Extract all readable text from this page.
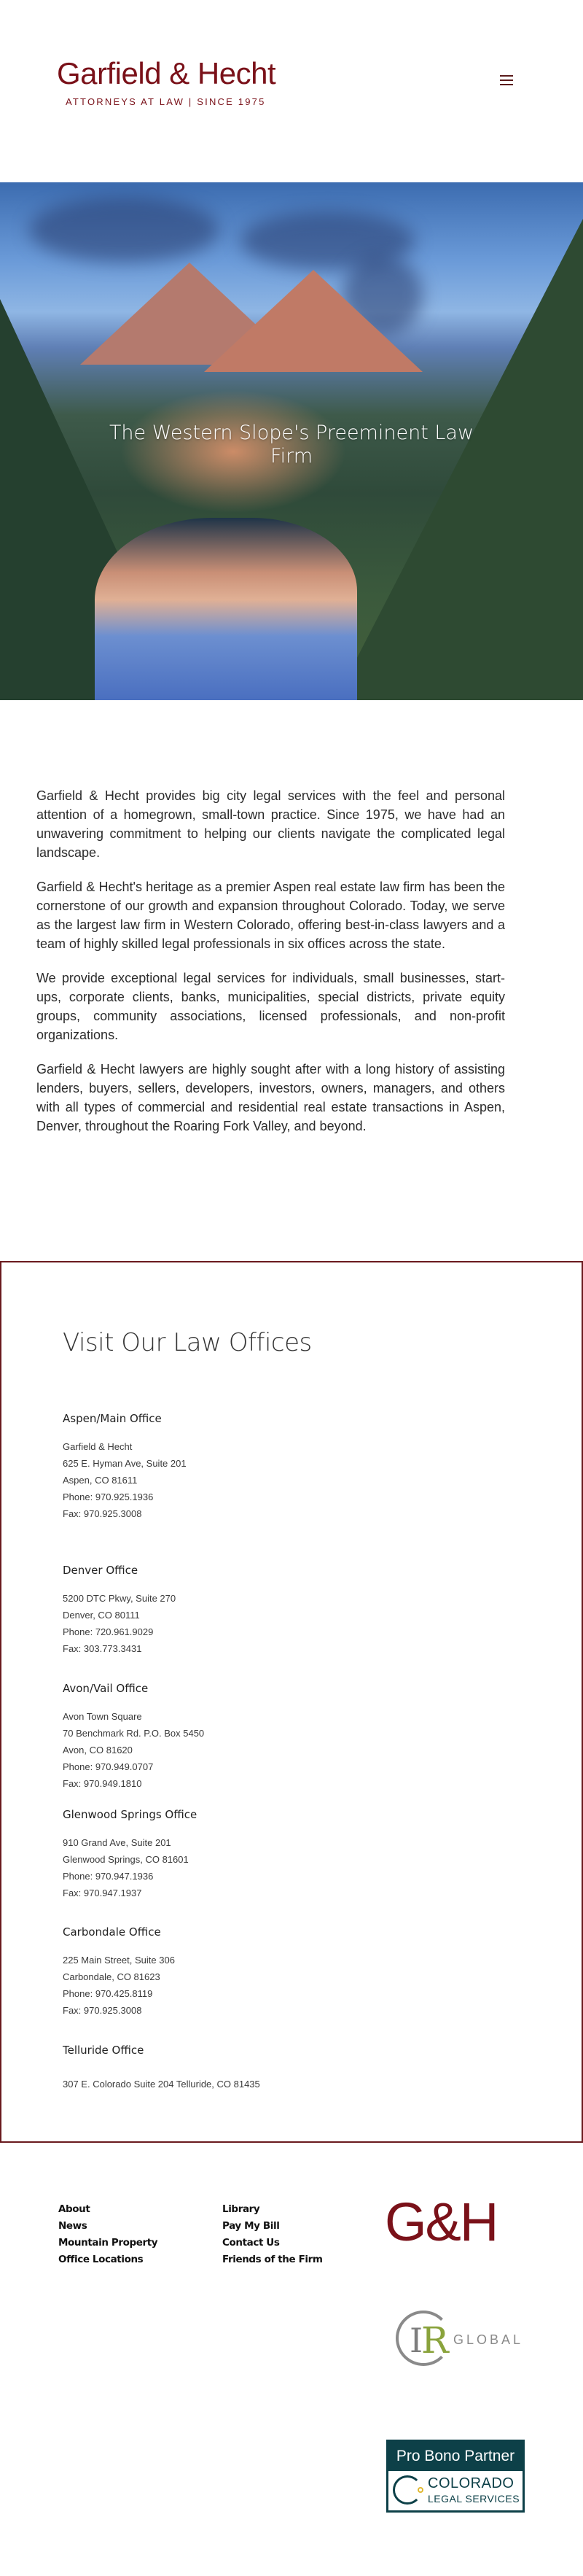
Garfield & Hecht
ATTORNEYS AT LAW | SINCE 1975
The Western Slope's Preeminent Law Firm

Garfield & Hecht provides big city legal services with the feel and personal attention of a homegrown, small-town practice. Since 1975, we have had an unwavering commitment to helping our clients navigate the complicated legal landscape.

Garfield & Hecht's heritage as a premier Aspen real estate law firm has been the cornerstone of our growth and expansion throughout Colorado. Today, we serve as the largest law firm in Western Colorado, offering best-in-class lawyers and a team of highly skilled legal professionals in six offices across the state.

We provide exceptional legal services for individuals, small businesses, start-ups, corporate clients, banks, municipalities, special districts, private equity groups, community associations, licensed professionals, and non-profit organizations.

Garfield & Hecht lawyers are highly sought after with a long history of assisting lenders, buyers, sellers, developers, investors, owners, managers, and others with all types of commercial and residential real estate transactions in Aspen, Denver, throughout the Roaring Fork Valley, and beyond.

Visit Our Law Offices
Aspen/Main Office
Garfield & Hecht
625 E. Hyman Ave, Suite 201
Aspen, CO 81611
Phone: 970.925.1936
Fax: 970.925.3008
Denver Office
5200 DTC Pkwy, Suite 270
Denver, CO 80111
Phone: 720.961.9029
Fax: 303.773.3431
Avon/Vail Office
Avon Town Square
70 Benchmark Rd. P.O. Box 5450
Avon, CO 81620
Phone: 970.949.0707
Fax: 970.949.1810
Glenwood Springs Office
910 Grand Ave, Suite 201
Glenwood Springs, CO 81601
Phone: 970.947.1936
Fax: 970.947.1937
Carbondale Office
225 Main Street, Suite 306
Carbondale, CO 81623
Phone: 970.425.8119
Fax: 970.925.3008
Telluride Office
307 E. Colorado Suite 204 Telluride, CO 81435
About
News
Mountain Property
Office Locations
Library
Pay My Bill
Contact Us
Friends of the Firm
G&H
I
R GLOBAL
Pro Bono Partner
COLORADO
LEGAL SERVICES
